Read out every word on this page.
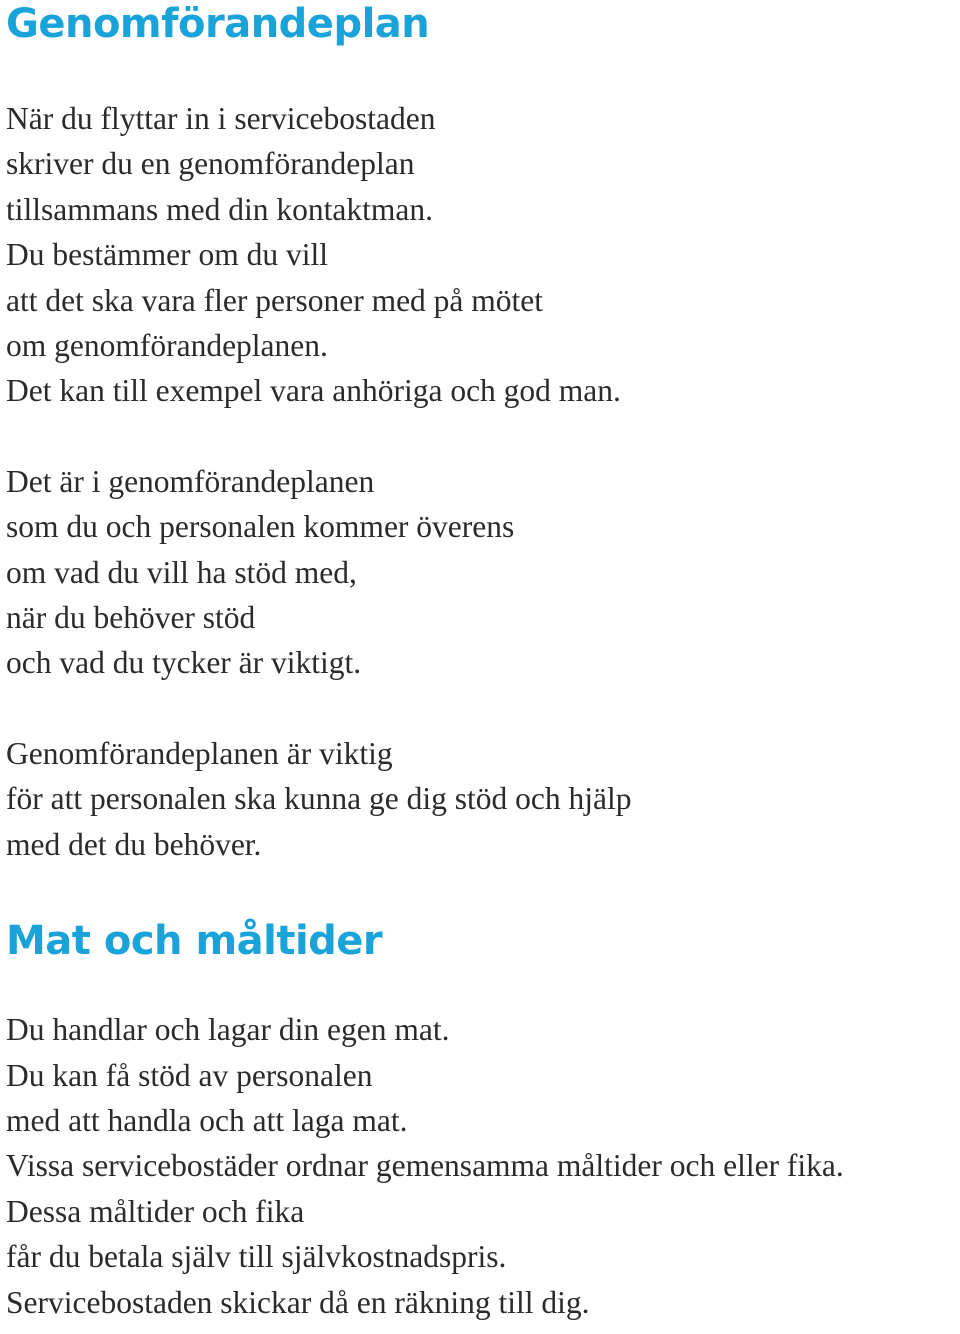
Genomförandeplan

När du flyttar in i servicebostaden
skriver du en genomförandeplan
tillsammans med din kontaktman.
Du bestämmer om du vill
att det ska vara fler personer med på mötet
om genomförandeplanen.
Det kan till exempel vara anhöriga och god man.

Det är i genomförandeplanen
som du och personalen kommer överens
om vad du vill ha stöd med,
när du behöver stöd
och vad du tycker är viktigt.

Genomförandeplanen är viktig
för att personalen ska kunna ge dig stöd och hjälp
med det du behöver.

Mat och måltider

Du handlar och lagar din egen mat.
Du kan få stöd av personalen
med att handla och att laga mat.
Vissa servicebostäder ordnar gemensamma måltider och eller fika.
Dessa måltider och fika
får du betala själv till självkostnadspris.
Servicebostaden skickar då en räkning till dig.
